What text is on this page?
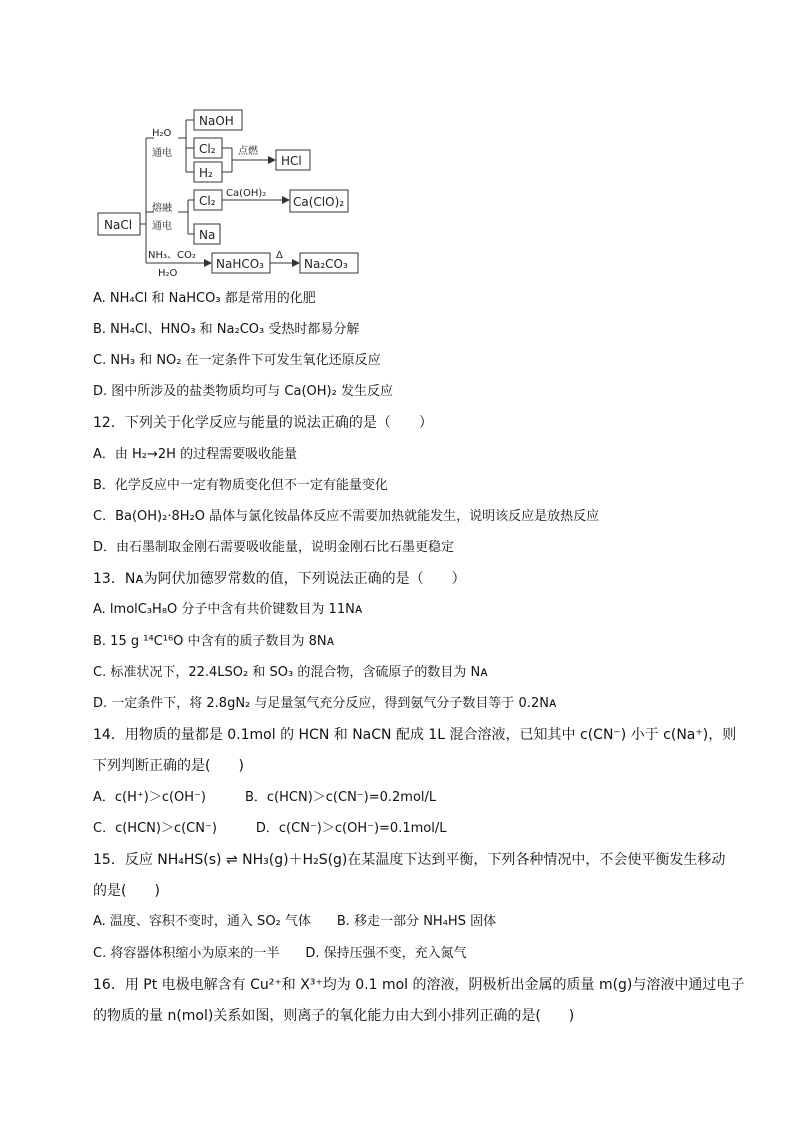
NaCl
H₂O
通电
NaOH
Cl₂
H₂
点燃
HCl
熔融
通电
Cl₂
Na
Ca(OH)₂
Ca(ClO)₂
NH₃、CO₂
H₂O
NaHCO₃
Δ
Na₂CO₃
A. NH₄Cl 和 NaHCO₃ 都是常用的化肥
B. NH₄Cl、HNO₃ 和 Na₂CO₃ 受热时都易分解
C. NH₃ 和 NO₂ 在一定条件下可发生氧化还原反应
D. 图中所涉及的盐类物质均可与 Ca(OH)₂ 发生反应
12．下列关于化学反应与能量的说法正确的是（　　）
A．由 H₂→2H 的过程需要吸收能量
B．化学反应中一定有物质变化但不一定有能量变化
C．Ba(OH)₂·8H₂O 晶体与氯化铵晶体反应不需要加热就能发生，说明该反应是放热反应
D．由石墨制取金刚石需要吸收能量，说明金刚石比石墨更稳定
13．Nᴀ为阿伏加德罗常数的值，下列说法正确的是（　　）
A. lmolC₃H₈O 分子中含有共价键数目为 11Nᴀ
B. 15 g ¹⁴C¹⁶O 中含有的质子数目为 8Nᴀ
C. 标准状况下，22.4LSO₂ 和 SO₃ 的混合物，含硫原子的数目为 Nᴀ
D. 一定条件下，将 2.8gN₂ 与足量氢气充分反应，得到氨气分子数目等于 0.2Nᴀ
14．用物质的量都是 0.1mol 的 HCN 和 NaCN 配成 1L 混合溶液，已知其中 c(CN⁻) 小于 c(Na⁺)，则
下列判断正确的是(　　)
A．c(H⁺)＞c(OH⁻)　　　B．c(HCN)＞c(CN⁻)=0.2mol/L
C．c(HCN)＞c(CN⁻)　　　D．c(CN⁻)＞c(OH⁻)=0.1mol/L
15．反应 NH₄HS(s) ⇌ NH₃(g)＋H₂S(g)在某温度下达到平衡，下列各种情况中，不会使平衡发生移动
的是(　　)
A. 温度、容积不变时，通入 SO₂ 气体　　B. 移走一部分 NH₄HS 固体
C. 将容器体积缩小为原来的一半　　D. 保持压强不变，充入氮气
16．用 Pt 电极电解含有 Cu²⁺和 X³⁺均为 0.1 mol 的溶液，阴极析出金属的质量 m(g)与溶液中通过电子
的物质的量 n(mol)关系如图，则离子的氧化能力由大到小排列正确的是(　　)
